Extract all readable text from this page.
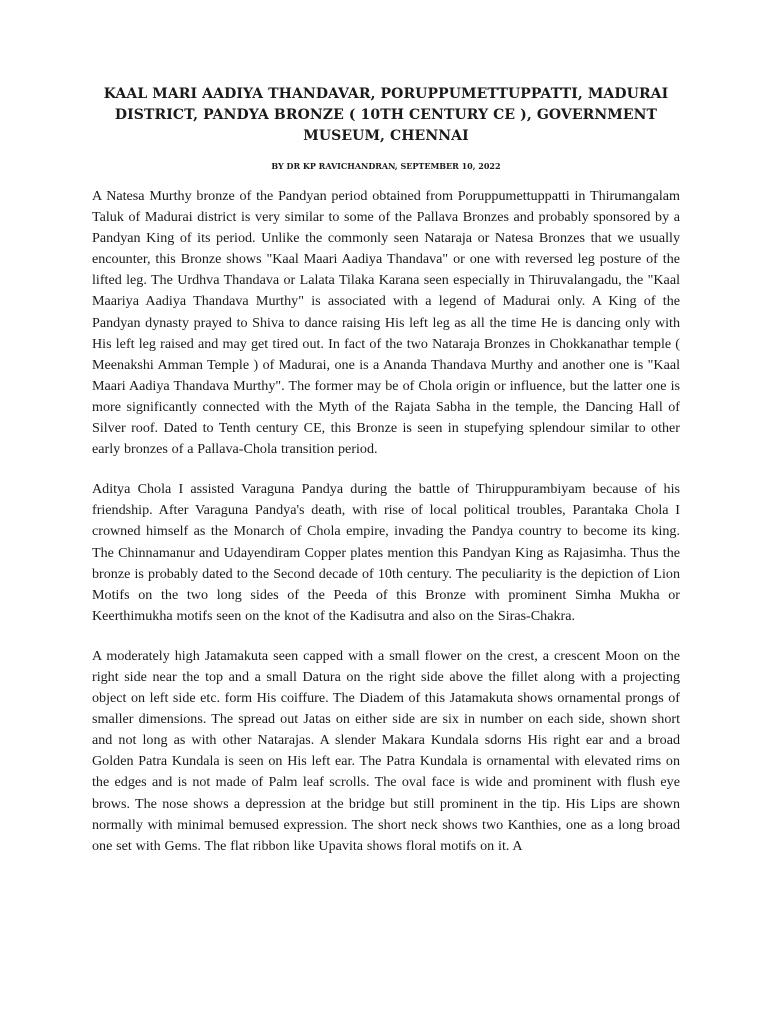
KAAL MARI AADIYA THANDAVAR, PORUPPUMETTUPPATTI, MADURAI DISTRICT, PANDYA BRONZE ( 10TH CENTURY CE ), GOVERNMENT MUSEUM, CHENNAI
BY DR KP RAVICHANDRAN, SEPTEMBER 10, 2022

A Natesa Murthy bronze of the Pandyan period obtained from Poruppumettuppatti in Thirumangalam Taluk of Madurai district is very similar to some of the Pallava Bronzes and probably sponsored by a Pandyan King of its period. Unlike the commonly seen Nataraja or Natesa Bronzes that we usually encounter, this Bronze shows "Kaal Maari Aadiya Thandava" or one with reversed leg posture of the lifted leg. The Urdhva Thandava or Lalata Tilaka Karana seen especially in Thiruvalangadu, the "Kaal Maariya Aadiya Thandava Murthy" is associated with a legend of Madurai only. A King of the Pandyan dynasty prayed to Shiva to dance raising His left leg as all the time He is dancing only with His left leg raised and may get tired out. In fact of the two Nataraja Bronzes in Chokkanathar temple ( Meenakshi Amman Temple ) of Madurai, one is a Ananda Thandava Murthy and another one is "Kaal Maari Aadiya Thandava Murthy". The former may be of Chola origin or influence, but the latter one is more significantly connected with the Myth of the Rajata Sabha in the temple, the Dancing Hall of Silver roof. Dated to Tenth century CE, this Bronze is seen in stupefying splendour similar to other early bronzes of a Pallava-Chola transition period.

Aditya Chola I assisted Varaguna Pandya during the battle of Thiruppurambiyam because of his friendship. After Varaguna Pandya's death, with rise of local political troubles, Parantaka Chola I crowned himself as the Monarch of Chola empire, invading the Pandya country to become its king. The Chinnamanur and Udayendiram Copper plates mention this Pandyan King as Rajasimha. Thus the bronze is probably dated to the Second decade of 10th century. The peculiarity is the depiction of Lion Motifs on the two long sides of the Peeda of this Bronze with prominent Simha Mukha or Keerthimukha motifs seen on the knot of the Kadisutra and also on the Siras-Chakra.

A moderately high Jatamakuta seen capped with a small flower on the crest, a crescent Moon on the right side near the top and a small Datura on the right side above the fillet along with a projecting object on left side etc. form His coiffure. The Diadem of this Jatamakuta shows ornamental prongs of smaller dimensions. The spread out Jatas on either side are six in number on each side, shown short and not long as with other Natarajas. A slender Makara Kundala sdorns His right ear and a broad Golden Patra Kundala is seen on His left ear. The Patra Kundala is ornamental with elevated rims on the edges and is not made of Palm leaf scrolls. The oval face is wide and prominent with flush eye brows. The nose shows a depression at the bridge but still prominent in the tip. His Lips are shown normally with minimal bemused expression. The short neck shows two Kanthies, one as a long broad one set with Gems. The flat ribbon like Upavita shows floral motifs on it. A
